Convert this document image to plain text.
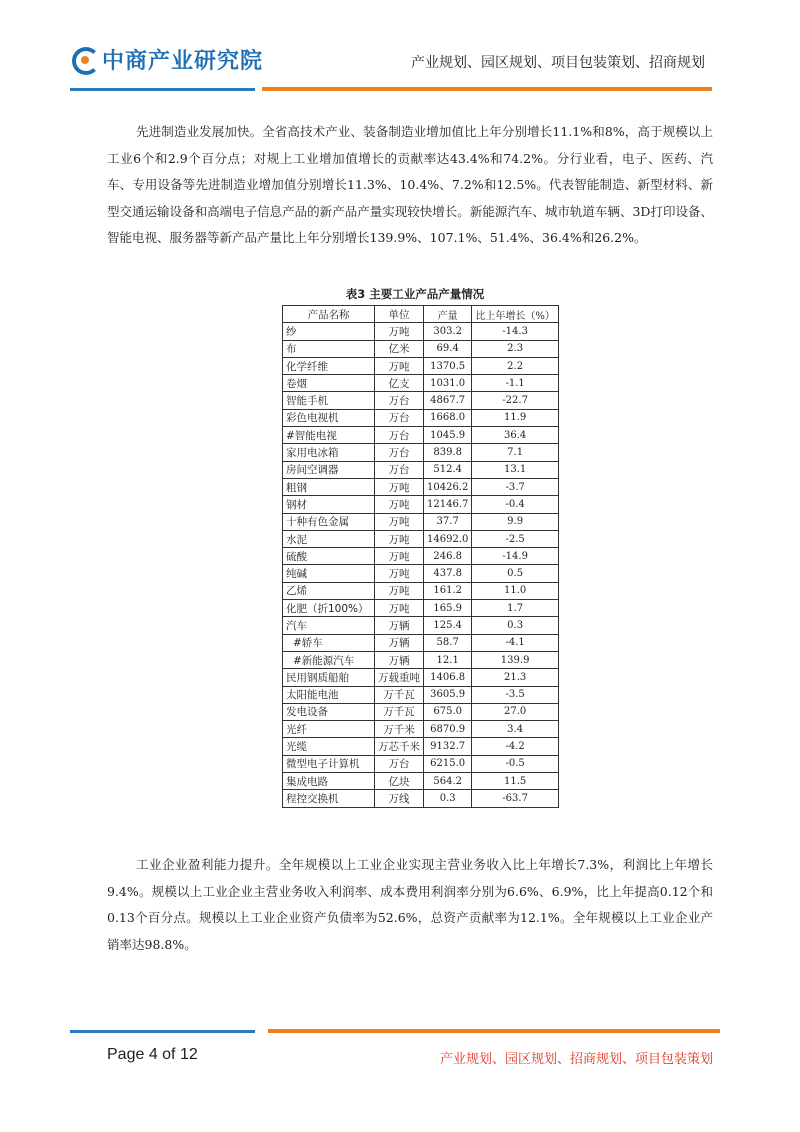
中商产业研究院	产业规划、园区规划、项目包装策划、招商规划

先进制造业发展加快。全省高技术产业、装备制造业增加值比上年分别增长11.1%和8%，高于规模以上工业6个和2.9个百分点；对规上工业增加值增长的贡献率达43.4%和74.2%。分行业看，电子、医药、汽车、专用设备等先进制造业增加值分别增长11.3%、10.4%、7.2%和12.5%。代表智能制造、新型材料、新型交通运输设备和高端电子信息产品的新产品产量实现较快增长。新能源汽车、城市轨道车辆、3D打印设备、智能电视、服务器等新产品产量比上年分别增长139.9%、107.1%、51.4%、36.4%和26.2%。

表3 主要工业产品产量情况
产品名称	单位	产量	比上年增长（%）
纱	万吨	303.2	-14.3
布	亿米	69.4	2.3
化学纤维	万吨	1370.5	2.2
卷烟	亿支	1031.0	-1.1
智能手机	万台	4867.7	-22.7
彩色电视机	万台	1668.0	11.9
#智能电视	万台	1045.9	36.4
家用电冰箱	万台	839.8	7.1
房间空调器	万台	512.4	13.1
粗钢	万吨	10426.2	-3.7
钢材	万吨	12146.7	-0.4
十种有色金属	万吨	37.7	9.9
水泥	万吨	14692.0	-2.5
硫酸	万吨	246.8	-14.9
纯碱	万吨	437.8	0.5
乙烯	万吨	161.2	11.0
化肥（折100%）	万吨	165.9	1.7
汽车	万辆	125.4	0.3
#轿车	万辆	58.7	-4.1
#新能源汽车	万辆	12.1	139.9
民用钢质船舶	万载重吨	1406.8	21.3
太阳能电池	万千瓦	3605.9	-3.5
发电设备	万千瓦	675.0	27.0
光纤	万千米	6870.9	3.4
光缆	万芯千米	9132.7	-4.2
微型电子计算机	万台	6215.0	-0.5
集成电路	亿块	564.2	11.5
程控交换机	万线	0.3	-63.7

工业企业盈利能力提升。全年规模以上工业企业实现主营业务收入比上年增长7.3%，利润比上年增长9.4%。规模以上工业企业主营业务收入利润率、成本费用利润率分别为6.6%、6.9%，比上年提高0.12个和0.13个百分点。规模以上工业企业资产负债率为52.6%，总资产贡献率为12.1%。全年规模以上工业企业产销率达98.8%。

Page 4 of 12	产业规划、园区规划、招商规划、项目包装策划
